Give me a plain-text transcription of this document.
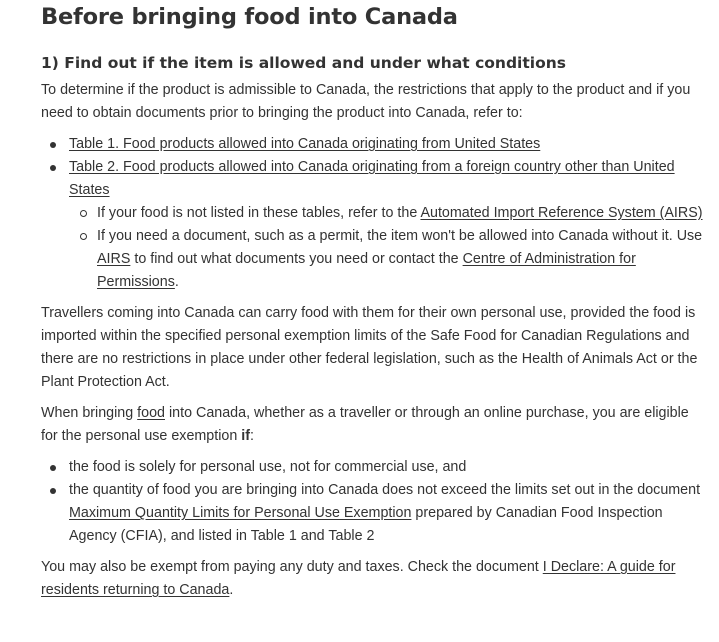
Before bringing food into Canada
1) Find out if the item is allowed and under what conditions

To determine if the product is admissible to Canada, the restrictions that apply to the product and if you need to obtain documents prior to bringing the product into Canada, refer to:

Table 1. Food products allowed into Canada originating from United States
Table 2. Food products allowed into Canada originating from a foreign country other than United States
If your food is not listed in these tables, refer to the Automated Import Reference System (AIRS)
If you need a document, such as a permit, the item won't be allowed into Canada without it. Use AIRS to find out what documents you need or contact the Centre of Administration for Permissions.

Travellers coming into Canada can carry food with them for their own personal use, provided the food is imported within the specified personal exemption limits of the Safe Food for Canadian Regulations and there are no restrictions in place under other federal legislation, such as the Health of Animals Act or the Plant Protection Act.

When bringing food into Canada, whether as a traveller or through an online purchase, you are eligible for the personal use exemption if:

the food is solely for personal use, not for commercial use, and
the quantity of food you are bringing into Canada does not exceed the limits set out in the document Maximum Quantity Limits for Personal Use Exemption prepared by Canadian Food Inspection Agency (CFIA), and listed in Table 1 and Table 2

You may also be exempt from paying any duty and taxes. Check the document I Declare: A guide for residents returning to Canada.
